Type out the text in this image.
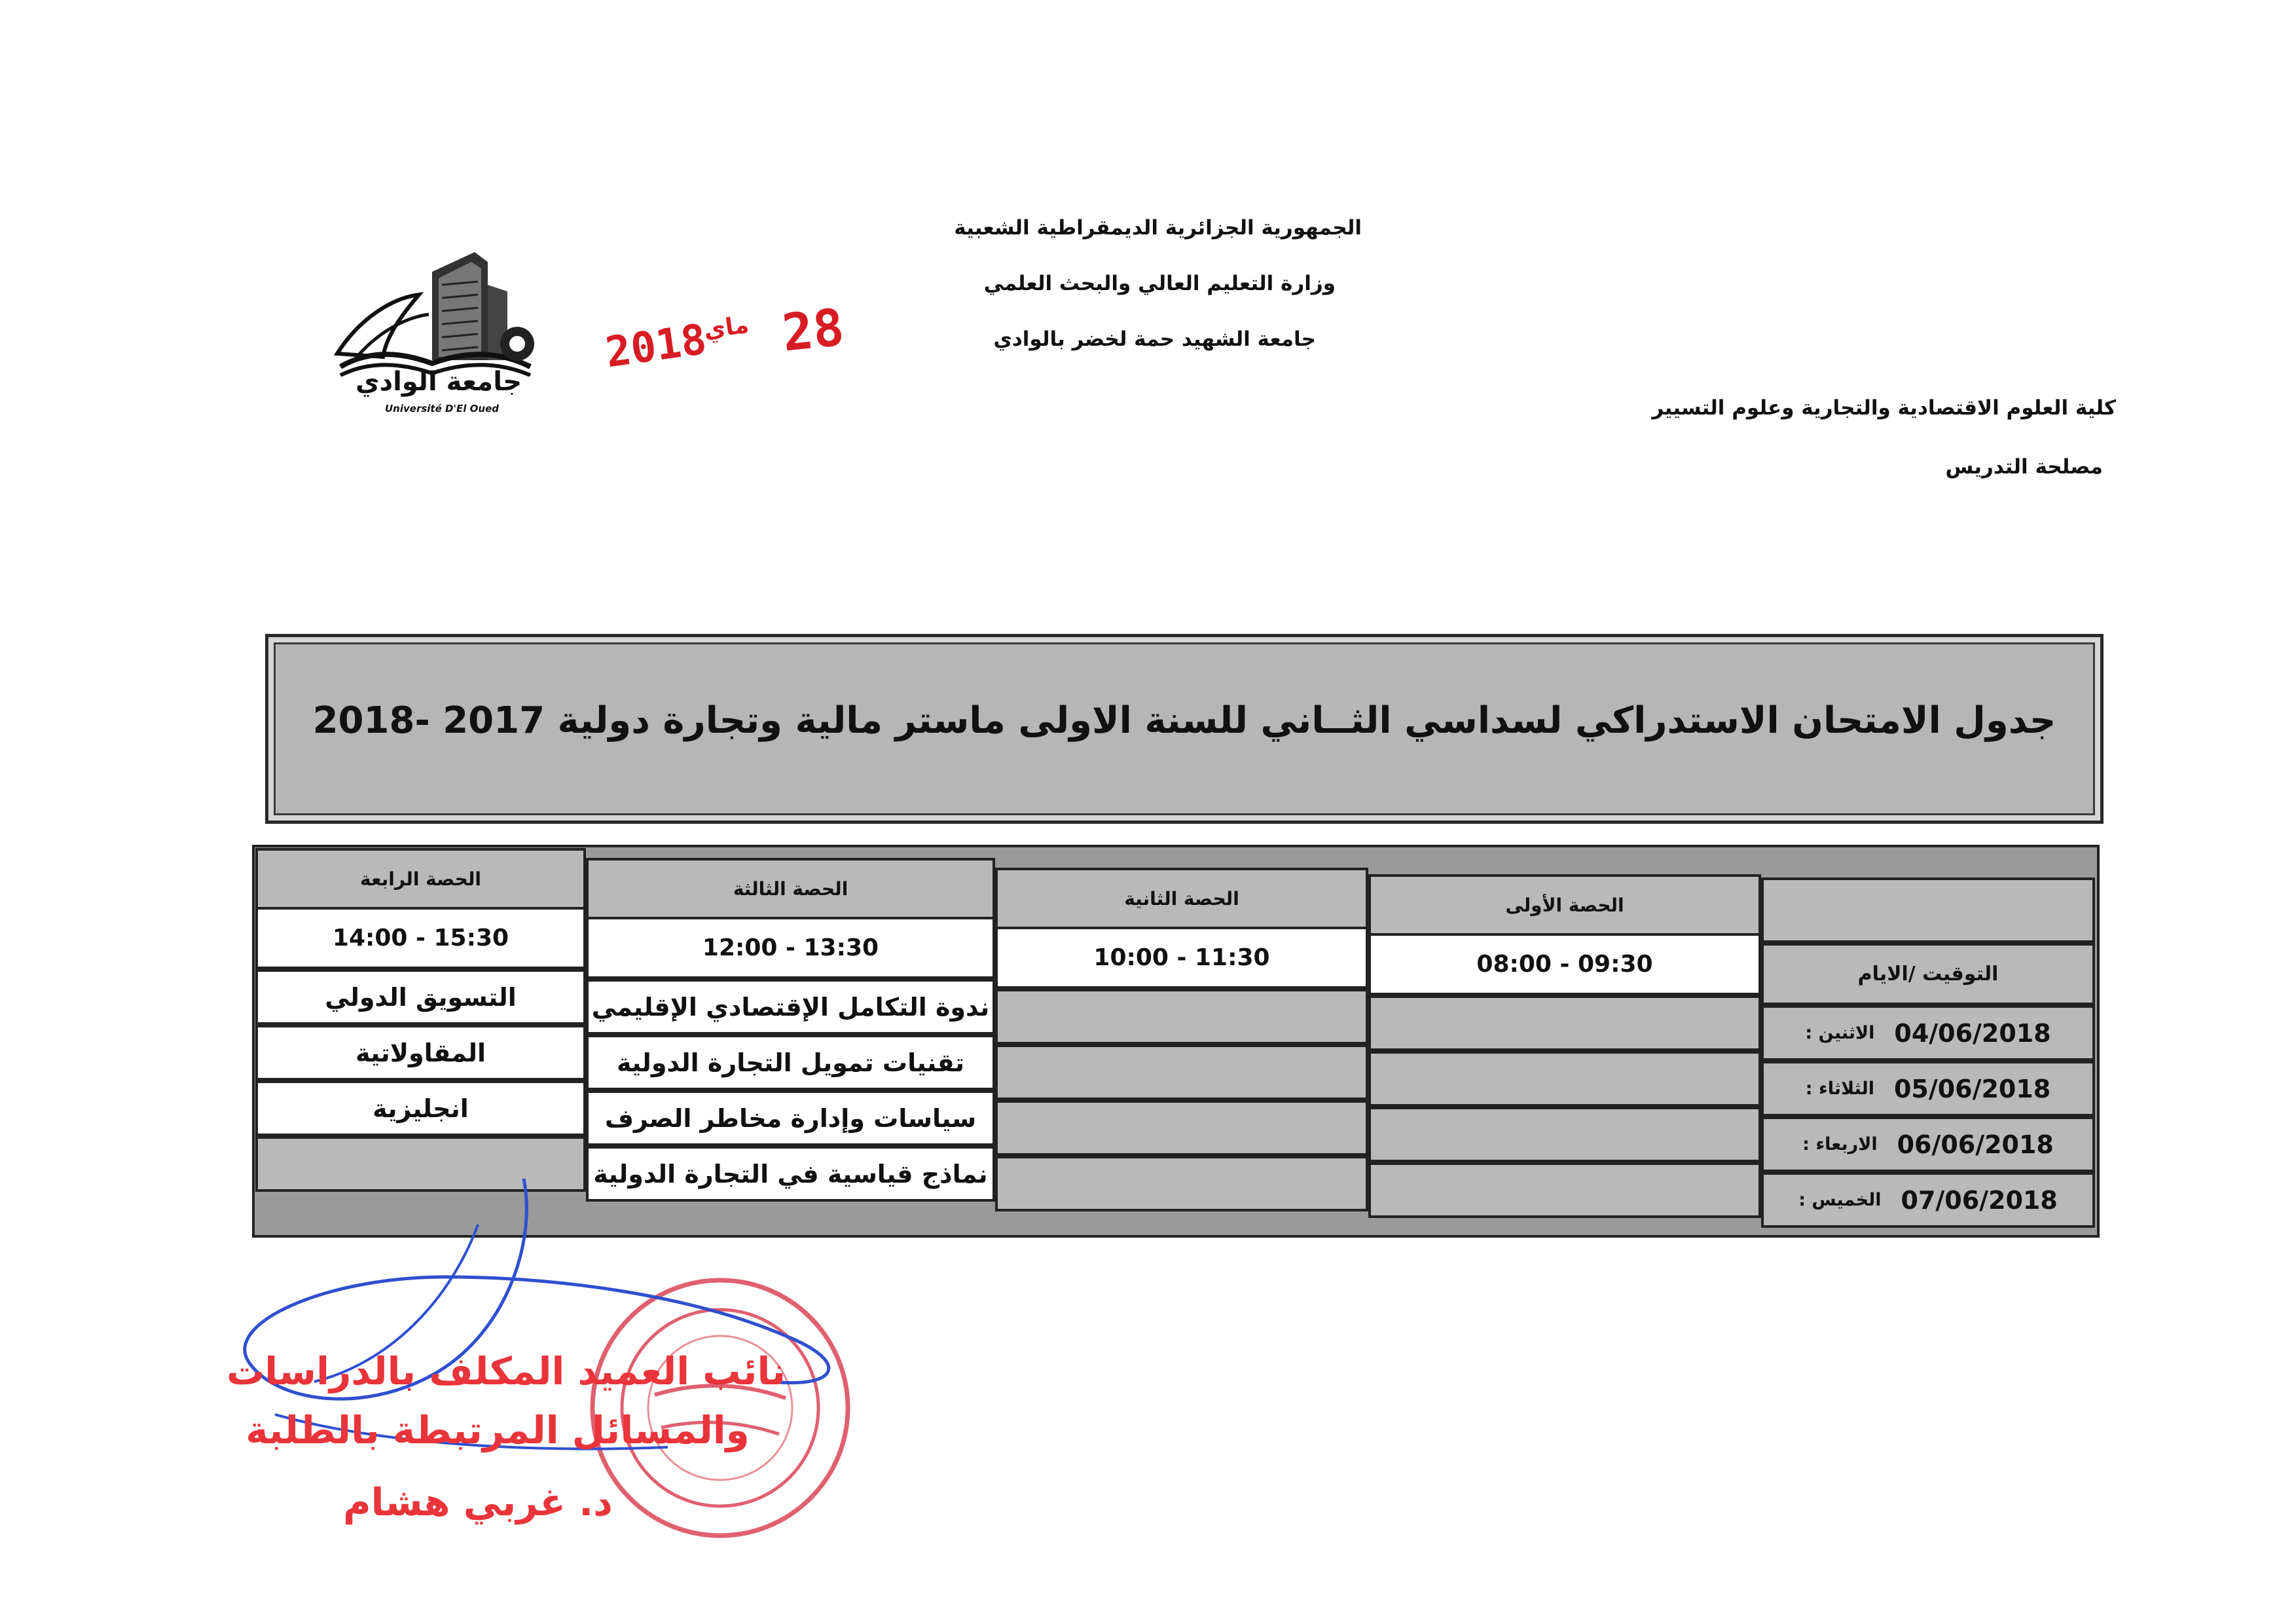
الجمهورية الجزائرية الديمقراطية الشعبية
وزارة التعليم العالي والبحث العلمي
جامعة الشهيد حمة لخضر بالوادي
كلية العلوم الاقتصادية والتجارية وعلوم التسيير
مصلحة التدريس
جامعة الوادي
Université D'El Oued
2018
ماي 28
جدول الامتحان الاستدراكي لسداسي الثــاني للسنة الاولى ماستر مالية وتجارة دولية 2017 -2018
الحصة الأولى
الحصة الثانية
الحصة الثالثة
الحصة الرابعة
التوقيت /الايام
08:00 - 09:30
10:00 - 11:30
12:00 - 13:30
14:00 - 15:30
04/06/2018
الاثنين :
ندوة التكامل الإقتصادي الإقليمي
التسويق الدولي
05/06/2018
الثلاثاء :
تقنيات تمويل التجارة الدولية
المقاولاتية
06/06/2018
الاربعاء :
سياسات وإدارة مخاطر الصرف
انجليزية
07/06/2018
الخميس :
نماذج قياسية في التجارة الدولية
نائب العميد المكلف بالدراسات
والمسائل المرتبطة بالطلبة
د. غربي هشام
